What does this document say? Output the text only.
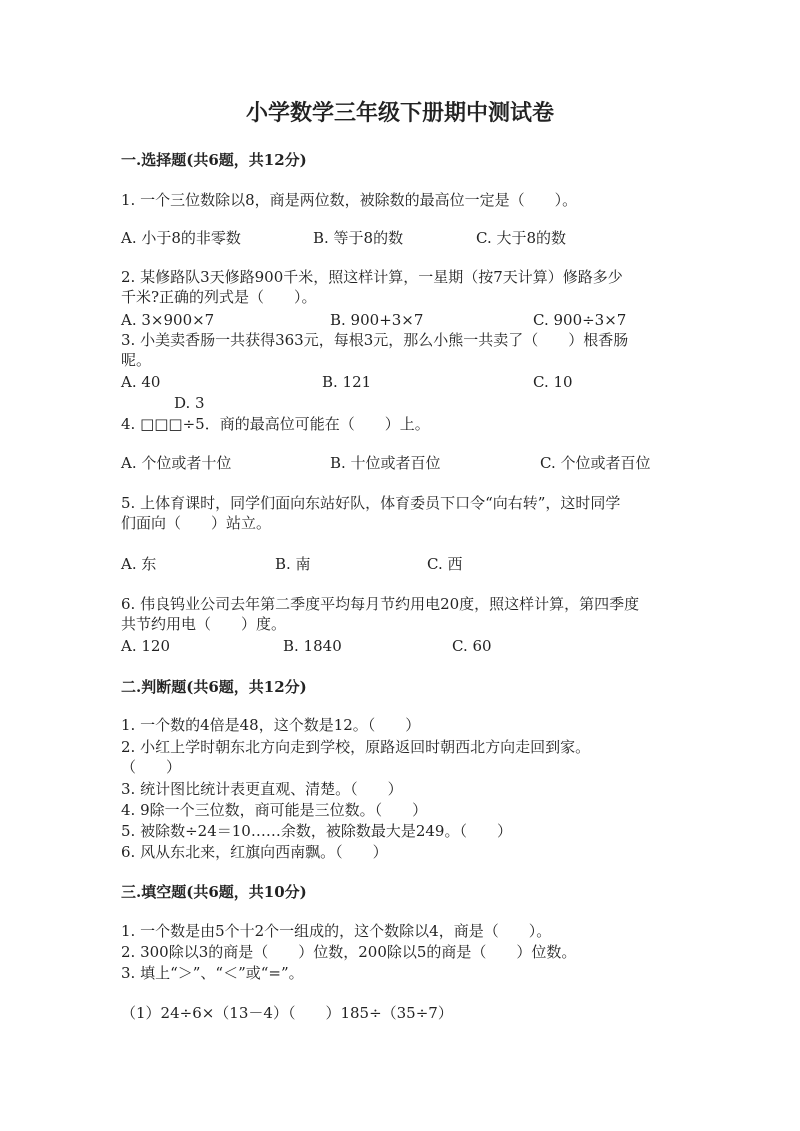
小学数学三年级下册期中测试卷
一.选择题(共6题，共12分)
1. 一个三位数除以8，商是两位数，被除数的最高位一定是（　　）。
A. 小于8的非零数	B. 等于8的数	C. 大于8的数
2. 某修路队3天修路900千米，照这样计算，一星期（按7天计算）修路多少
千米?正确的列式是（　　）。
A. 3×900×7	B. 900+3×7	C. 900÷3×7
3. 小美卖香肠一共获得363元，每根3元，那么小熊一共卖了（　　）根香肠
呢。
A. 40	B. 121	C. 10
D. 3
4. □□□÷5．商的最高位可能在（　　）上。
A. 个位或者十位	B. 十位或者百位	C. 个位或者百位
5. 上体育课时，同学们面向东站好队，体育委员下口令“向右转”，这时同学
们面向（　　）站立。
A. 东	B. 南	C. 西
6. 伟良钨业公司去年第二季度平均每月节约用电20度，照这样计算，第四季度
共节约用电（　　）度。
A. 120	B. 1840	C. 60
二.判断题(共6题，共12分)
1. 一个数的4倍是48，这个数是12。（　　）
2. 小红上学时朝东北方向走到学校，原路返回时朝西北方向走回到家。
（　　）
3. 统计图比统计表更直观、清楚。（　　）
4. 9除一个三位数，商可能是三位数。（　　）
5. 被除数÷24＝10……余数，被除数最大是249。（　　）
6. 风从东北来，红旗向西南飘。（　　）
三.填空题(共6题，共10分)
1. 一个数是由5个十2个一组成的，这个数除以4，商是（　　）。
2. 300除以3的商是（　　）位数，200除以5的商是（　　）位数。
3. 填上“＞”、“＜”或“=”。
（1）24÷6×（13－4）（　　）185÷（35÷7）
